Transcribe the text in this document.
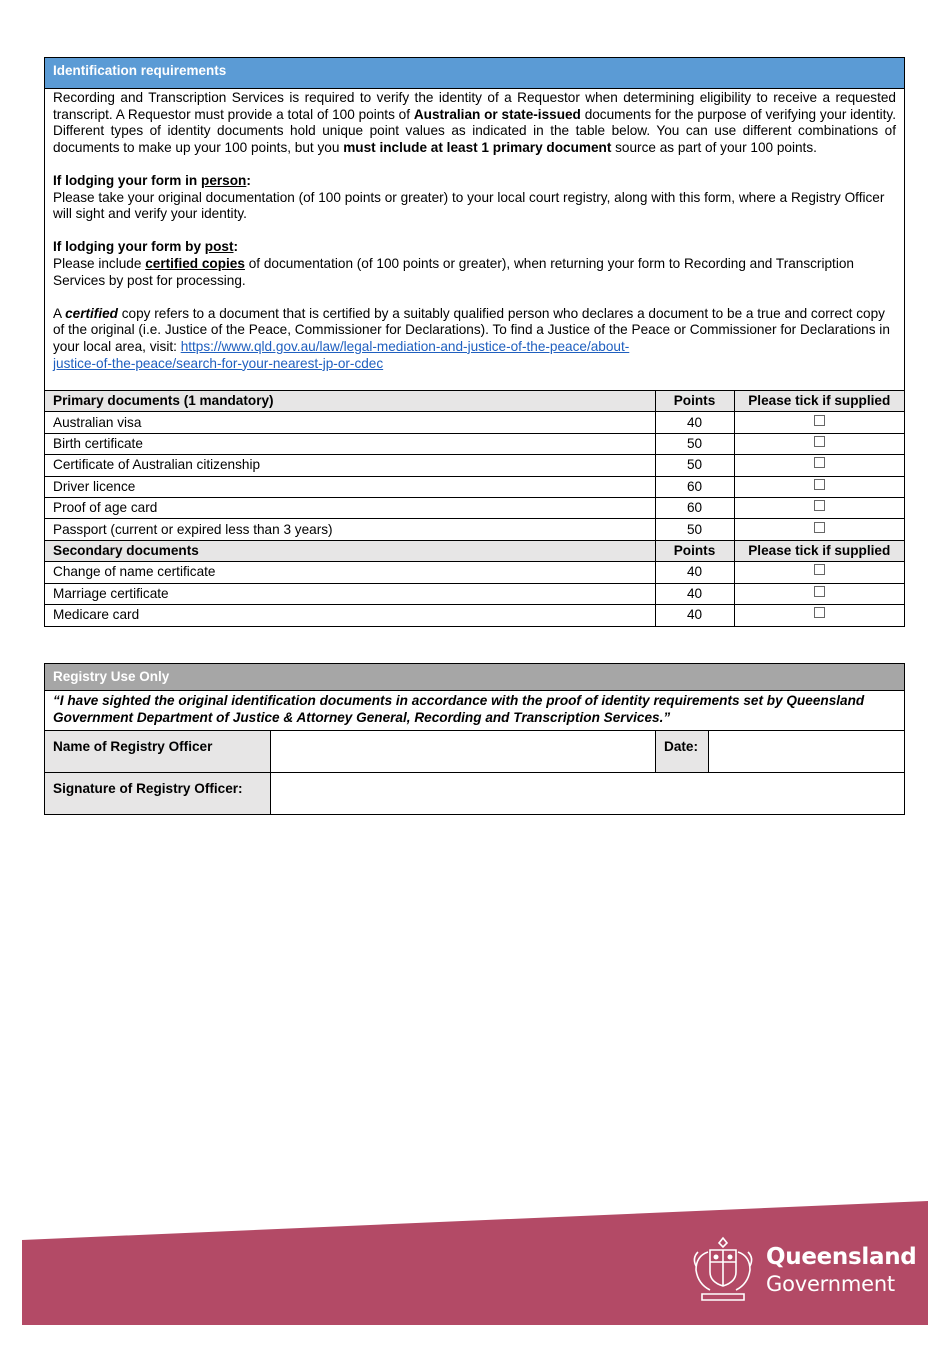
Identification requirements

Recording and Transcription Services is required to verify the identity of a Requestor when determining eligibility to receive a requested transcript. A Requestor must provide a total of 100 points of Australian or state-issued documents for the purpose of verifying your identity. Different types of identity documents hold unique point values as indicated in the table below. You can use different combinations of documents to make up your 100 points, but you must include at least 1 primary document source as part of your 100 points.

If lodging your form in person:
Please take your original documentation (of 100 points or greater) to your local court registry, along with this form, where a Registry Officer will sight and verify your identity.

If lodging your form by post:
Please include certified copies of documentation (of 100 points or greater), when returning your form to Recording and Transcription Services by post for processing.

A certified copy refers to a document that is certified by a suitably qualified person who declares a document to be a true and correct copy of the original (i.e. Justice of the Peace, Commissioner for Declarations). To find a Justice of the Peace or Commissioner for Declarations in your local area, visit: https://www.qld.gov.au/law/legal-mediation-and-justice-of-the-peace/about-
justice-of-the-peace/search-for-your-nearest-jp-or-cdec

Primary documents (1 mandatory)	Points	Please tick if supplied
Australian visa	40	
Birth certificate	50	
Certificate of Australian citizenship	50	
Driver licence	60	
Proof of age card	60	
Passport (current or expired less than 3 years)	50	
Secondary documents	Points	Please tick if supplied
Change of name certificate	40	
Marriage certificate	40	
Medicare card	40	
Registry Use Only
“I have sighted the original identification documents in accordance with the proof of identity requirements set by Queensland Government Department of Justice & Attorney General, Recording and Transcription Services.”
Name of Registry Officer	Date:
Signature of Registry Officer:
Queensland
Government
